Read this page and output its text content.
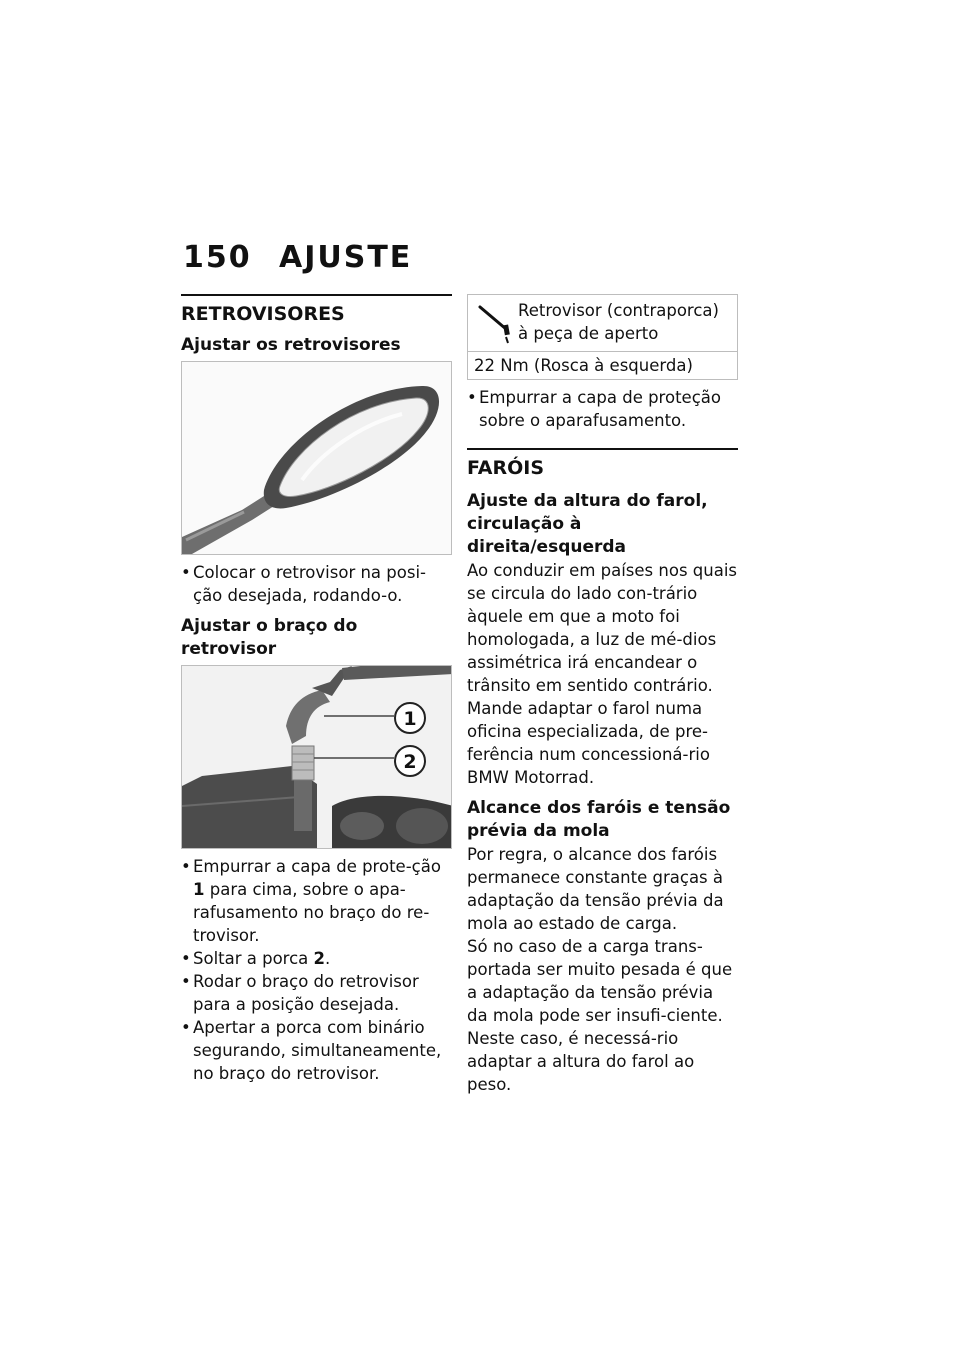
150 AJUSTE
RETROVISORES
Ajustar os retrovisores
• Colocar o retrovisor na posi-ção desejada, rodando-o.
Ajustar o braço do retrovisor
1
2
• Empurrar a capa de prote-ção 1 para cima, sobre o apa-rafusamento no braço do re-trovisor.
• Soltar a porca 2.
• Rodar o braço do retrovisor para a posição desejada.
• Apertar a porca com binário segurando, simultaneamente, no braço do retrovisor.
Retrovisor (contraporca) à peça de aperto
22 Nm (Rosca à esquerda)
• Empurrar a capa de proteção sobre o aparafusamento.
FARÓIS
Ajuste da altura do farol, circulação à direita/esquerda

Ao conduzir em países nos quais se circula do lado con-trário àquele em que a moto foi homologada, a luz de mé-dios assimétrica irá encandear o trânsito em sentido contrário.

Mande adaptar o farol numa oficina especializada, de pre-ferência num concessioná-rio BMW Motorrad.

Alcance dos faróis e tensão prévia da mola

Por regra, o alcance dos faróis permanece constante graças à adaptação da tensão prévia da mola ao estado de carga.

Só no caso de a carga trans-portada ser muito pesada é que a adaptação da tensão prévia da mola pode ser insufi-ciente. Neste caso, é necessá-rio adaptar a altura do farol ao peso.
